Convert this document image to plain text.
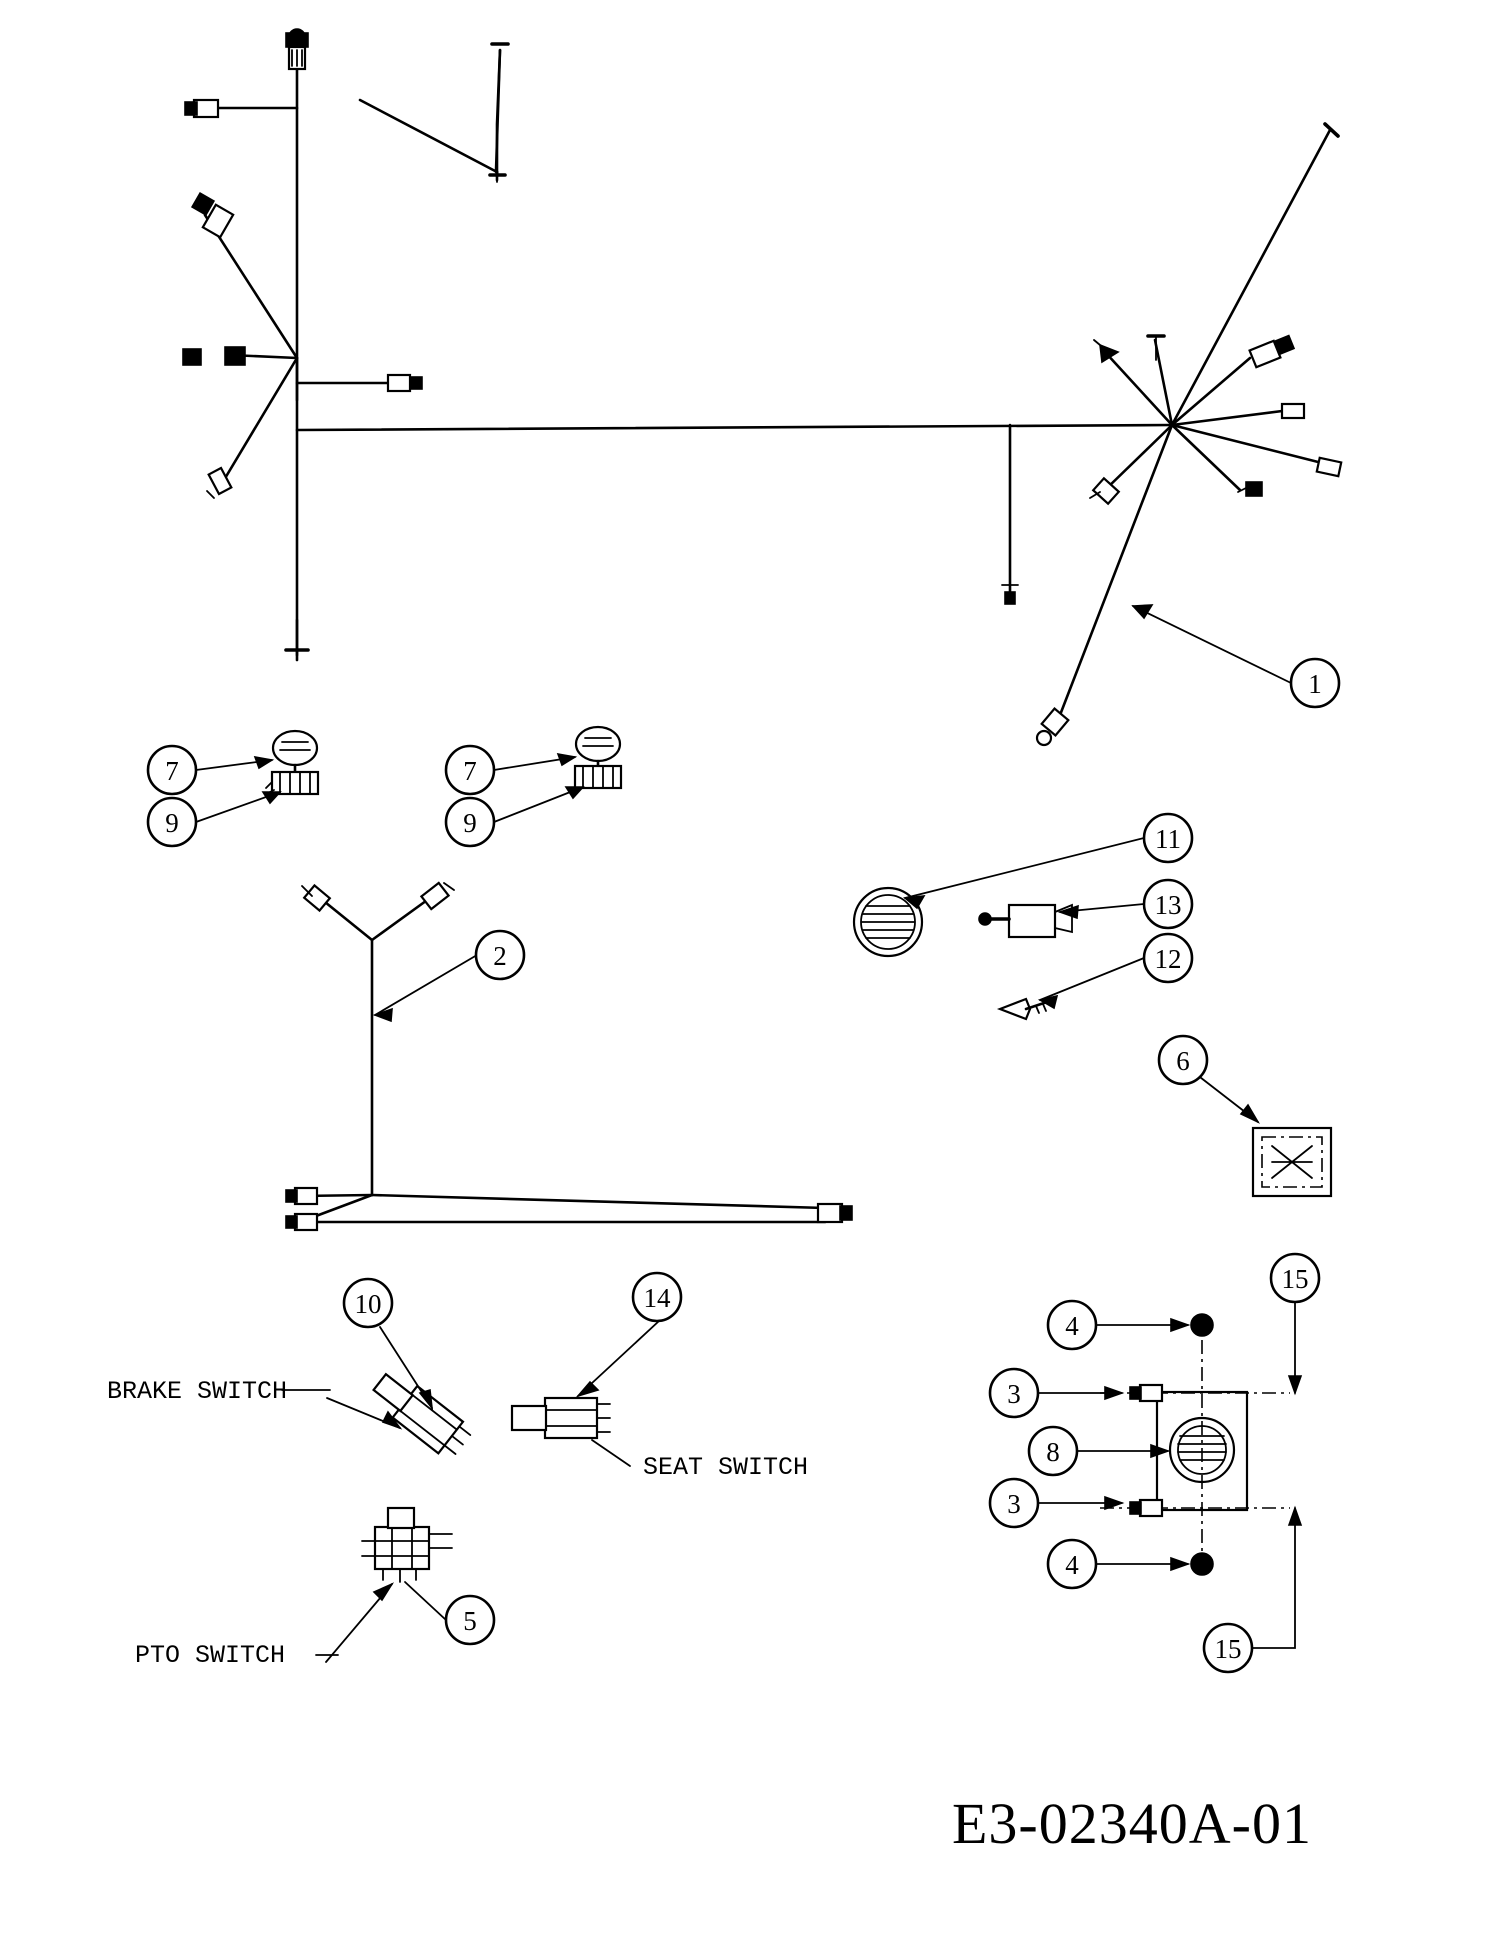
1
7
9
7
9
2
11
13
12
6
10	14
5
15
4
3
8
3
4
15
BRAKE SWITCH
SEAT SWITCH
PTO SWITCH
E3-02340A-01
